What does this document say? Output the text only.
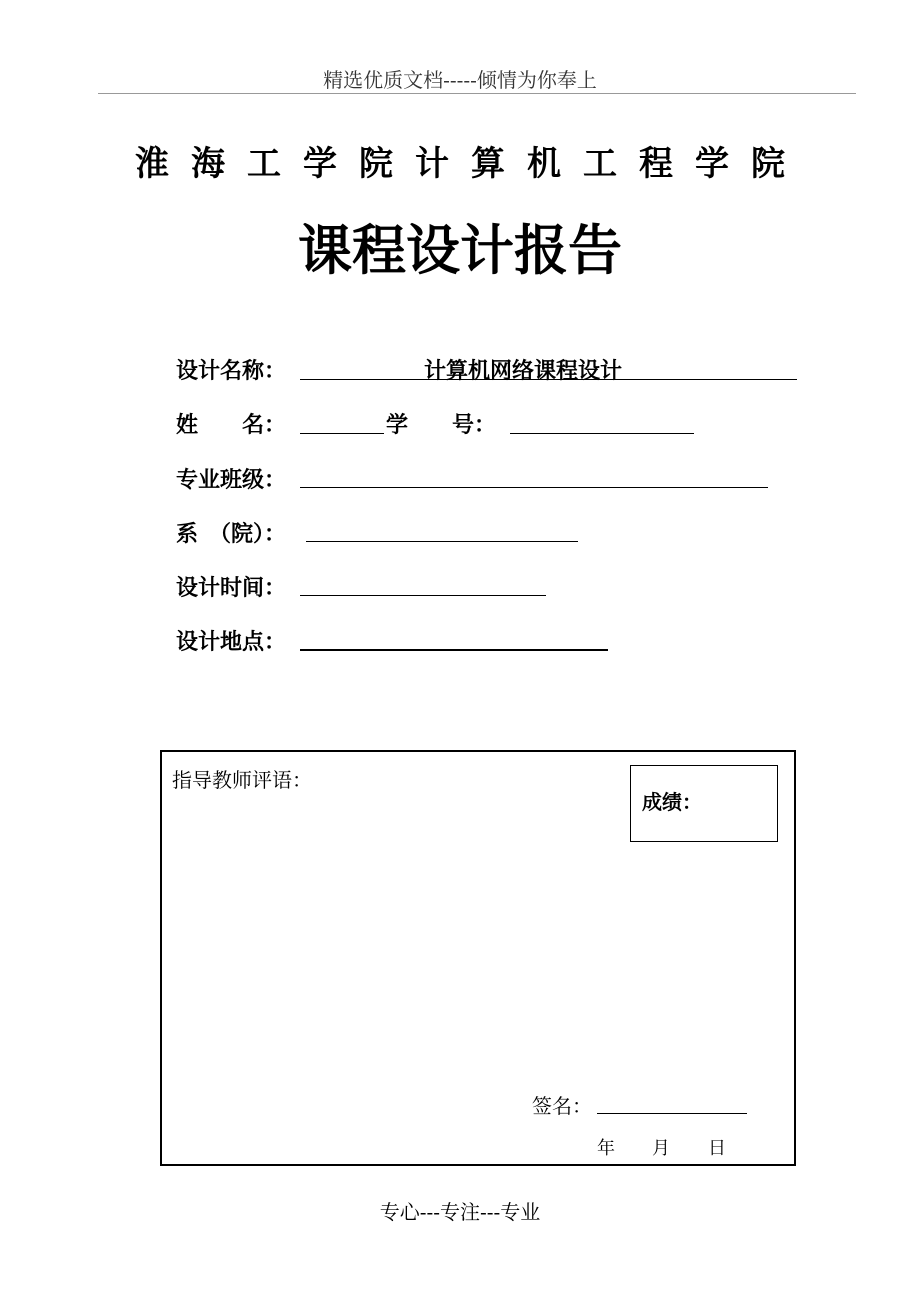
精选优质文档-----倾情为你奉上
淮海工学院计算机工程学院
课程设计报告
设计名称：	计算机网络课程设计
姓　　名：	学　　号：
专业班级：
系　（院）：
设计时间：
设计地点：
指导教师评语：
成绩：
签名：
年 月 日
专心---专注---专业
